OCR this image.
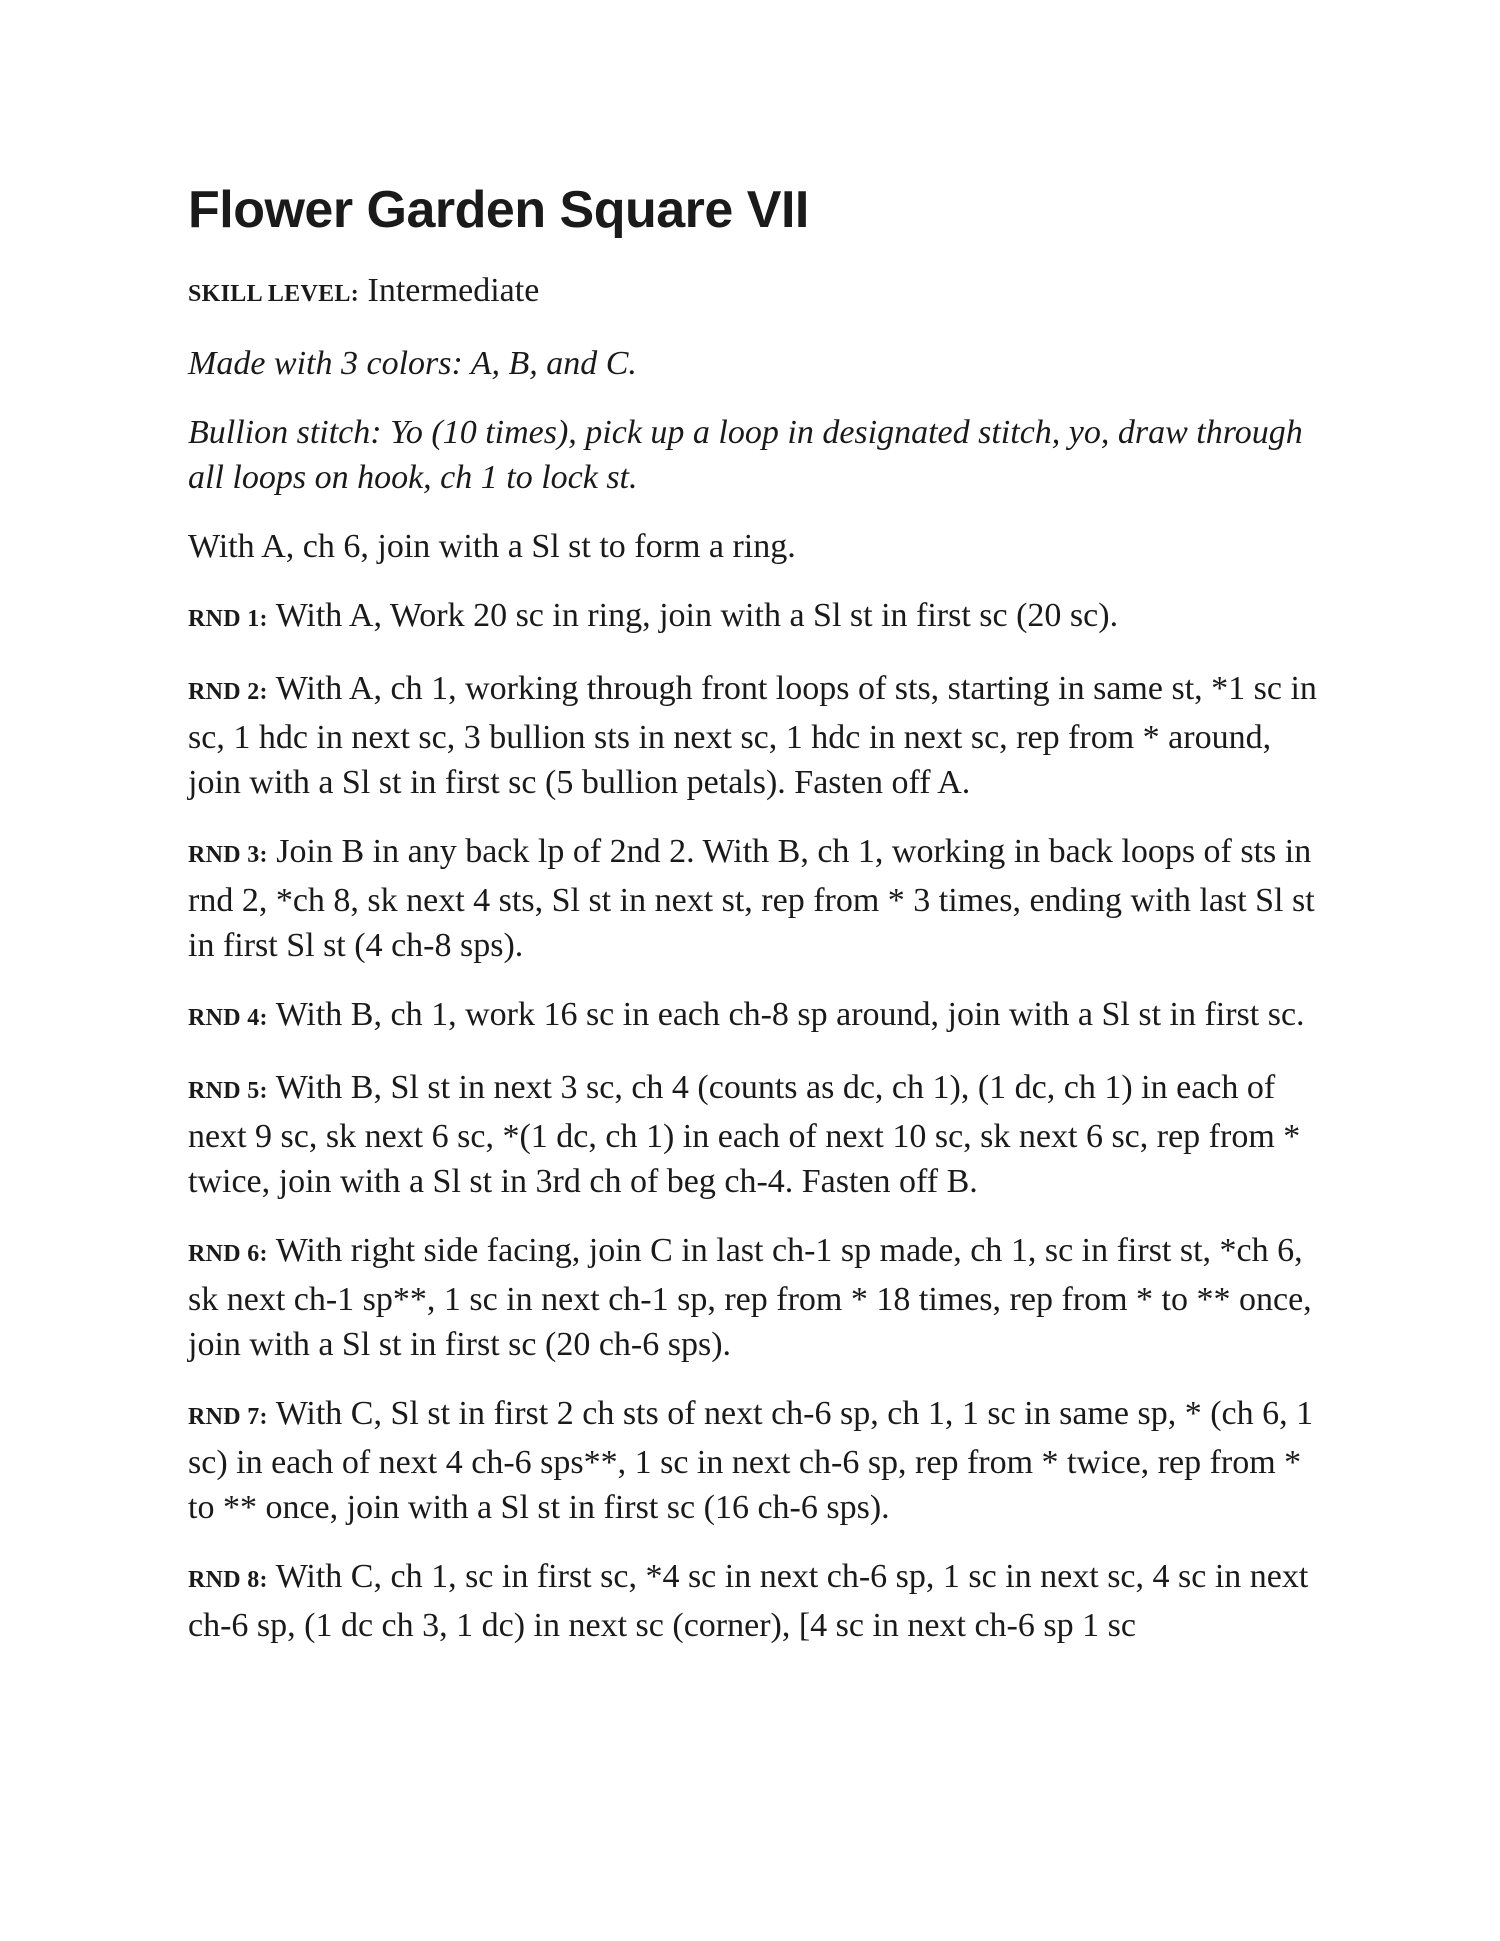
Flower Garden Square VII

SKILL LEVEL: Intermediate

Made with 3 colors: A, B, and C.

Bullion stitch: Yo (10 times), pick up a loop in designated stitch, yo, draw through all loops on hook, ch 1 to lock st.

With A, ch 6, join with a Sl st to form a ring.

RND 1: With A, Work 20 sc in ring, join with a Sl st in first sc (20 sc).

RND 2: With A, ch 1, working through front loops of sts, starting in same st, *1 sc in sc, 1 hdc in next sc, 3 bullion sts in next sc, 1 hdc in next sc, rep from * around, join with a Sl st in first sc (5 bullion petals). Fasten off A.

RND 3: Join B in any back lp of 2nd 2. With B, ch 1, working in back loops of sts in rnd 2, *ch 8, sk next 4 sts, Sl st in next st, rep from * 3 times, ending with last Sl st in first Sl st (4 ch-8 sps).

RND 4: With B, ch 1, work 16 sc in each ch-8 sp around, join with a Sl st in first sc.

RND 5: With B, Sl st in next 3 sc, ch 4 (counts as dc, ch 1), (1 dc, ch 1) in each of next 9 sc, sk next 6 sc, *(1 dc, ch 1) in each of next 10 sc, sk next 6 sc, rep from * twice, join with a Sl st in 3rd ch of beg ch-4. Fasten off B.

RND 6: With right side facing, join C in last ch-1 sp made, ch 1, sc in first st, *ch 6, sk next ch-1 sp**, 1 sc in next ch-1 sp, rep from * 18 times, rep from * to ** once, join with a Sl st in first sc (20 ch-6 sps).

RND 7: With C, Sl st in first 2 ch sts of next ch-6 sp, ch 1, 1 sc in same sp, * (ch 6, 1 sc) in each of next 4 ch-6 sps**, 1 sc in next ch-6 sp, rep from * twice, rep from * to ** once, join with a Sl st in first sc (16 ch-6 sps).

RND 8: With C, ch 1, sc in first sc, *4 sc in next ch-6 sp, 1 sc in next sc, 4 sc in next ch-6 sp, (1 dc ch 3, 1 dc) in next sc (corner), [4 sc in next ch-6 sp 1 sc
